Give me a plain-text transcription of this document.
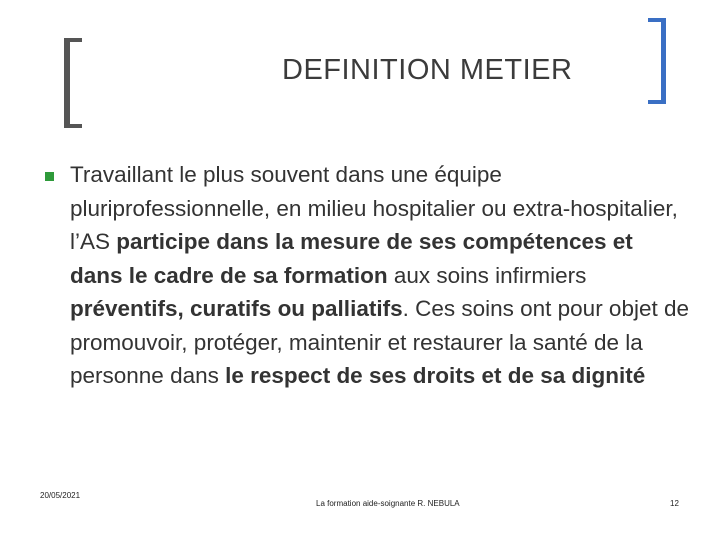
DEFINITION METIER
Travaillant le plus souvent dans une équipe pluriprofessionnelle, en milieu hospitalier ou extra-hospitalier, l’AS participe dans la mesure de ses compétences et dans le cadre de sa formation aux soins infirmiers préventifs, curatifs ou palliatifs. Ces soins ont pour objet de promouvoir, protéger, maintenir et restaurer la santé de la personne dans le respect de ses droits et de sa dignité
20/05/2021
La formation aide-soignante R. NEBULA	12
